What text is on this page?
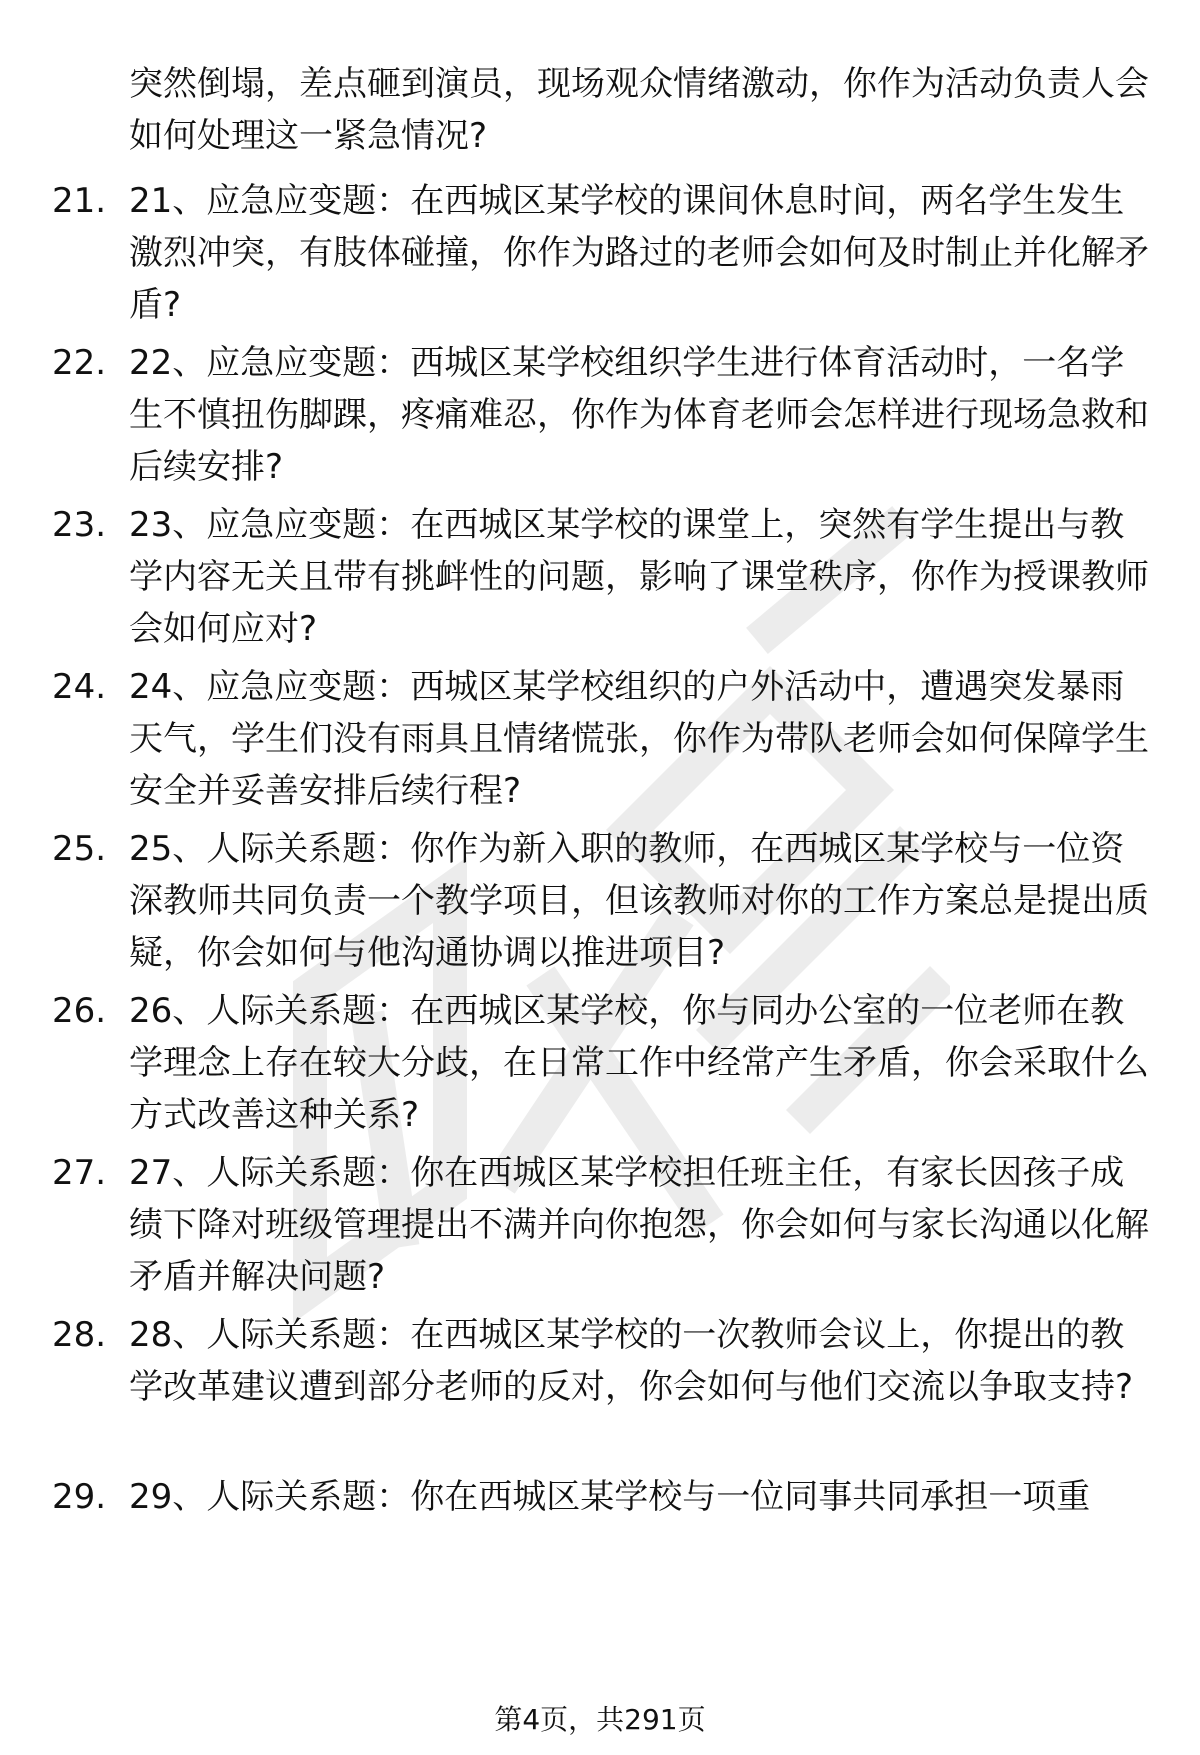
突然倒塌，差点砸到演员，现场观众情绪激动，你作为活动负责人会如何处理这一紧急情况?

21. 21、应急应变题：在西城区某学校的课间休息时间，两名学生发生激烈冲突，有肢体碰撞，你作为路过的老师会如何及时制止并化解矛盾?

22. 22、应急应变题：西城区某学校组织学生进行体育活动时，一名学生不慎扭伤脚踝，疼痛难忍，你作为体育老师会怎样进行现场急救和后续安排?

23. 23、应急应变题：在西城区某学校的课堂上，突然有学生提出与教学内容无关且带有挑衅性的问题，影响了课堂秩序，你作为授课教师会如何应对?

24. 24、应急应变题：西城区某学校组织的户外活动中，遭遇突发暴雨天气，学生们没有雨具且情绪慌张，你作为带队老师会如何保障学生安全并妥善安排后续行程?

25. 25、人际关系题：你作为新入职的教师，在西城区某学校与一位资深教师共同负责一个教学项目，但该教师对你的工作方案总是提出质疑，你会如何与他沟通协调以推进项目?

26. 26、人际关系题：在西城区某学校，你与同办公室的一位老师在教学理念上存在较大分歧，在日常工作中经常产生矛盾，你会采取什么方式改善这种关系?

27. 27、人际关系题：你在西城区某学校担任班主任，有家长因孩子成绩下降对班级管理提出不满并向你抱怨，你会如何与家长沟通以化解矛盾并解决问题?

28. 28、人际关系题：在西城区某学校的一次教师会议上，你提出的教学改革建议遭到部分老师的反对，你会如何与他们交流以争取支持?

29. 29、人际关系题：你在西城区某学校与一位同事共同承担一项重

第4页，共291页
